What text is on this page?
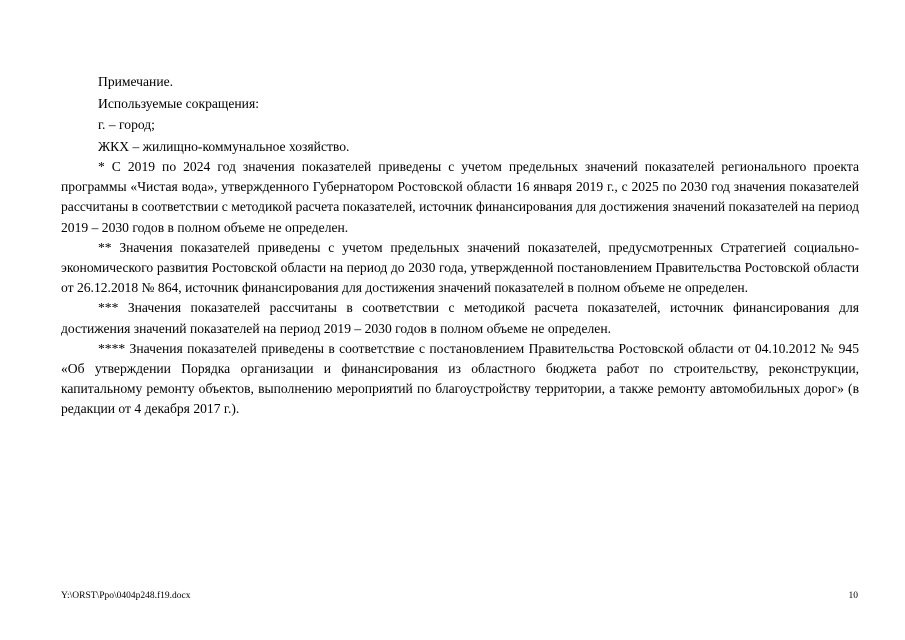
Примечание.
Используемые сокращения:
г. – город;
ЖКХ – жилищно-коммунальное хозяйство.

* С 2019 по 2024 год значения показателей приведены с учетом предельных значений показателей регионального проекта программы «Чистая вода», утвержденного Губернатором Ростовской области 16 января 2019 г., с 2025 по 2030 год значения показателей рассчитаны в соответствии с методикой расчета показателей, источник финансирования для достижения значений показателей на период 2019 – 2030 годов в полном объеме не определен.

** Значения показателей приведены с учетом предельных значений показателей, предусмотренных Стратегией социально-экономического развития Ростовской области на период до 2030 года, утвержденной постановлением Правительства Ростовской области от 26.12.2018 № 864, источник финансирования для достижения значений показателей в полном объеме не определен.

*** Значения показателей рассчитаны в соответствии с методикой расчета показателей, источник финансирования для достижения значений показателей на период 2019 – 2030 годов в полном объеме не определен.

**** Значения показателей приведены в соответствие с постановлением Правительства Ростовской области от 04.10.2012 № 945 «Об утверждении Порядка организации и финансирования из областного бюджета работ по строительству, реконструкции, капитальному ремонту объектов, выполнению мероприятий по благоустройству территории, а также ремонту автомобильных дорог» (в редакции от 4 декабря 2017 г.).

Y:\ORST\Ppo\0404p248.f19.docx	10
